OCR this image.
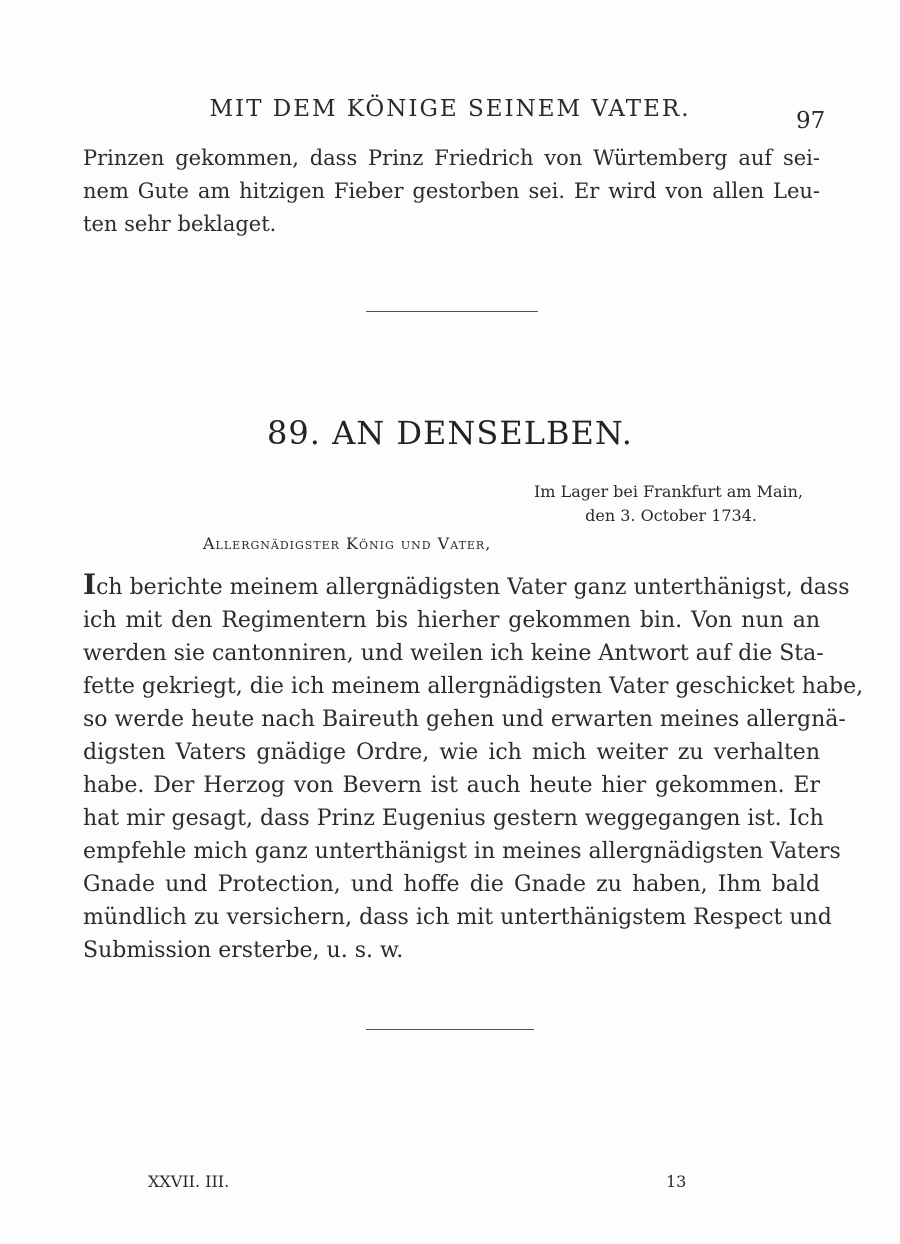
MIT DEM KÖNIGE SEINEM VATER.	97
Prinzen gekommen, dass Prinz Friedrich von Würtemberg auf sei-
nem Gute am hitzigen Fieber gestorben sei. Er wird von allen Leu-
ten sehr beklaget.
89. AN DENSELBEN.
Im Lager bei Frankfurt am Main,
den 3. October 1734.
Allergnädigster König und Vater,
Ich berichte meinem allergnädigsten Vater ganz unterthänigst, dass
ich mit den Regimentern bis hierher gekommen bin. Von nun an
werden sie cantonniren, und weilen ich keine Antwort auf die Sta-
fette gekriegt, die ich meinem allergnädigsten Vater geschicket habe,
so werde heute nach Baireuth gehen und erwarten meines allergnä-
digsten Vaters gnädige Ordre, wie ich mich weiter zu verhalten
habe. Der Herzog von Bevern ist auch heute hier gekommen. Er
hat mir gesagt, dass Prinz Eugenius gestern weggegangen ist. Ich
empfehle mich ganz unterthänigst in meines allergnädigsten Vaters
Gnade und Protection, und hoffe die Gnade zu haben, Ihm bald
mündlich zu versichern, dass ich mit unterthänigstem Respect und
Submission ersterbe, u. s. w.
XXVII. III.	13
